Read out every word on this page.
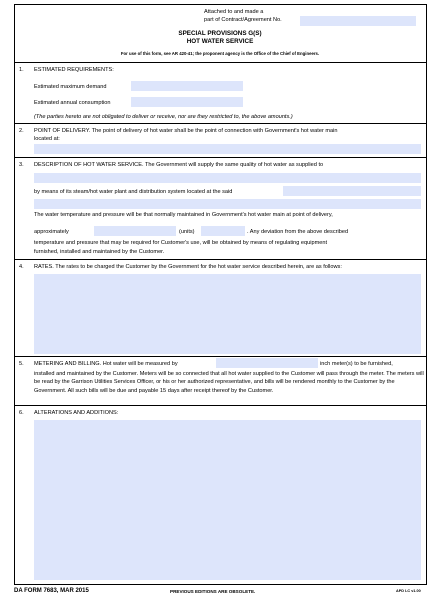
Attached to and made a
part of Contract/Agreement No.
SPECIAL PROVISIONS G(S)
HOT WATER SERVICE
For use of this form, see AR 420-41; the proponent agency is the Office of the Chief of Engineers.
1. ESTIMATED REQUIREMENTS:
Estimated maximum demand
Estimated annual consumption
(The parties hereto are not obligated to deliver or receive, nor are they restricted to, the above amounts.)
2. POINT OF DELIVERY. The point of delivery of hot water shall be the point of connection with Government's hot water main
located at:
3. DESCRIPTION OF HOT WATER SERVICE. The Government will supply the same quality of hot water as supplied to
by means of its steam/hot water plant and distribution system located at the said
The water temperature and pressure will be that normally maintained in Government's hot water main at point of delivery,
approximately	(units)	. Any deviation from the above described
temperature and pressure that may be required for Customer's use, will be obtained by means of regulating equipment
furnished, installed and maintained by the Customer.
4. RATES. The rates to be charged the Customer by the Government for the hot water service described herein, are as follows:
5. METERING AND BILLING. Hot water will be measured by	inch meter(s) to be furnished,
installed and maintained by the Customer. Meters will be so connected that all hot water supplied to the Customer will pass through the meter. The meters will be read by the Garrison Utilities Services Officer, or his or her authorized representative, and bills will be rendered monthly to the Customer by the Government. All such bills will be due and payable 15 days after receipt thereof by the Customer.
6. ALTERATIONS AND ADDITIONS:
DA FORM 7683, MAR 2015	PREVIOUS EDITIONS ARE OBSOLETE.	APD LC v1.00
